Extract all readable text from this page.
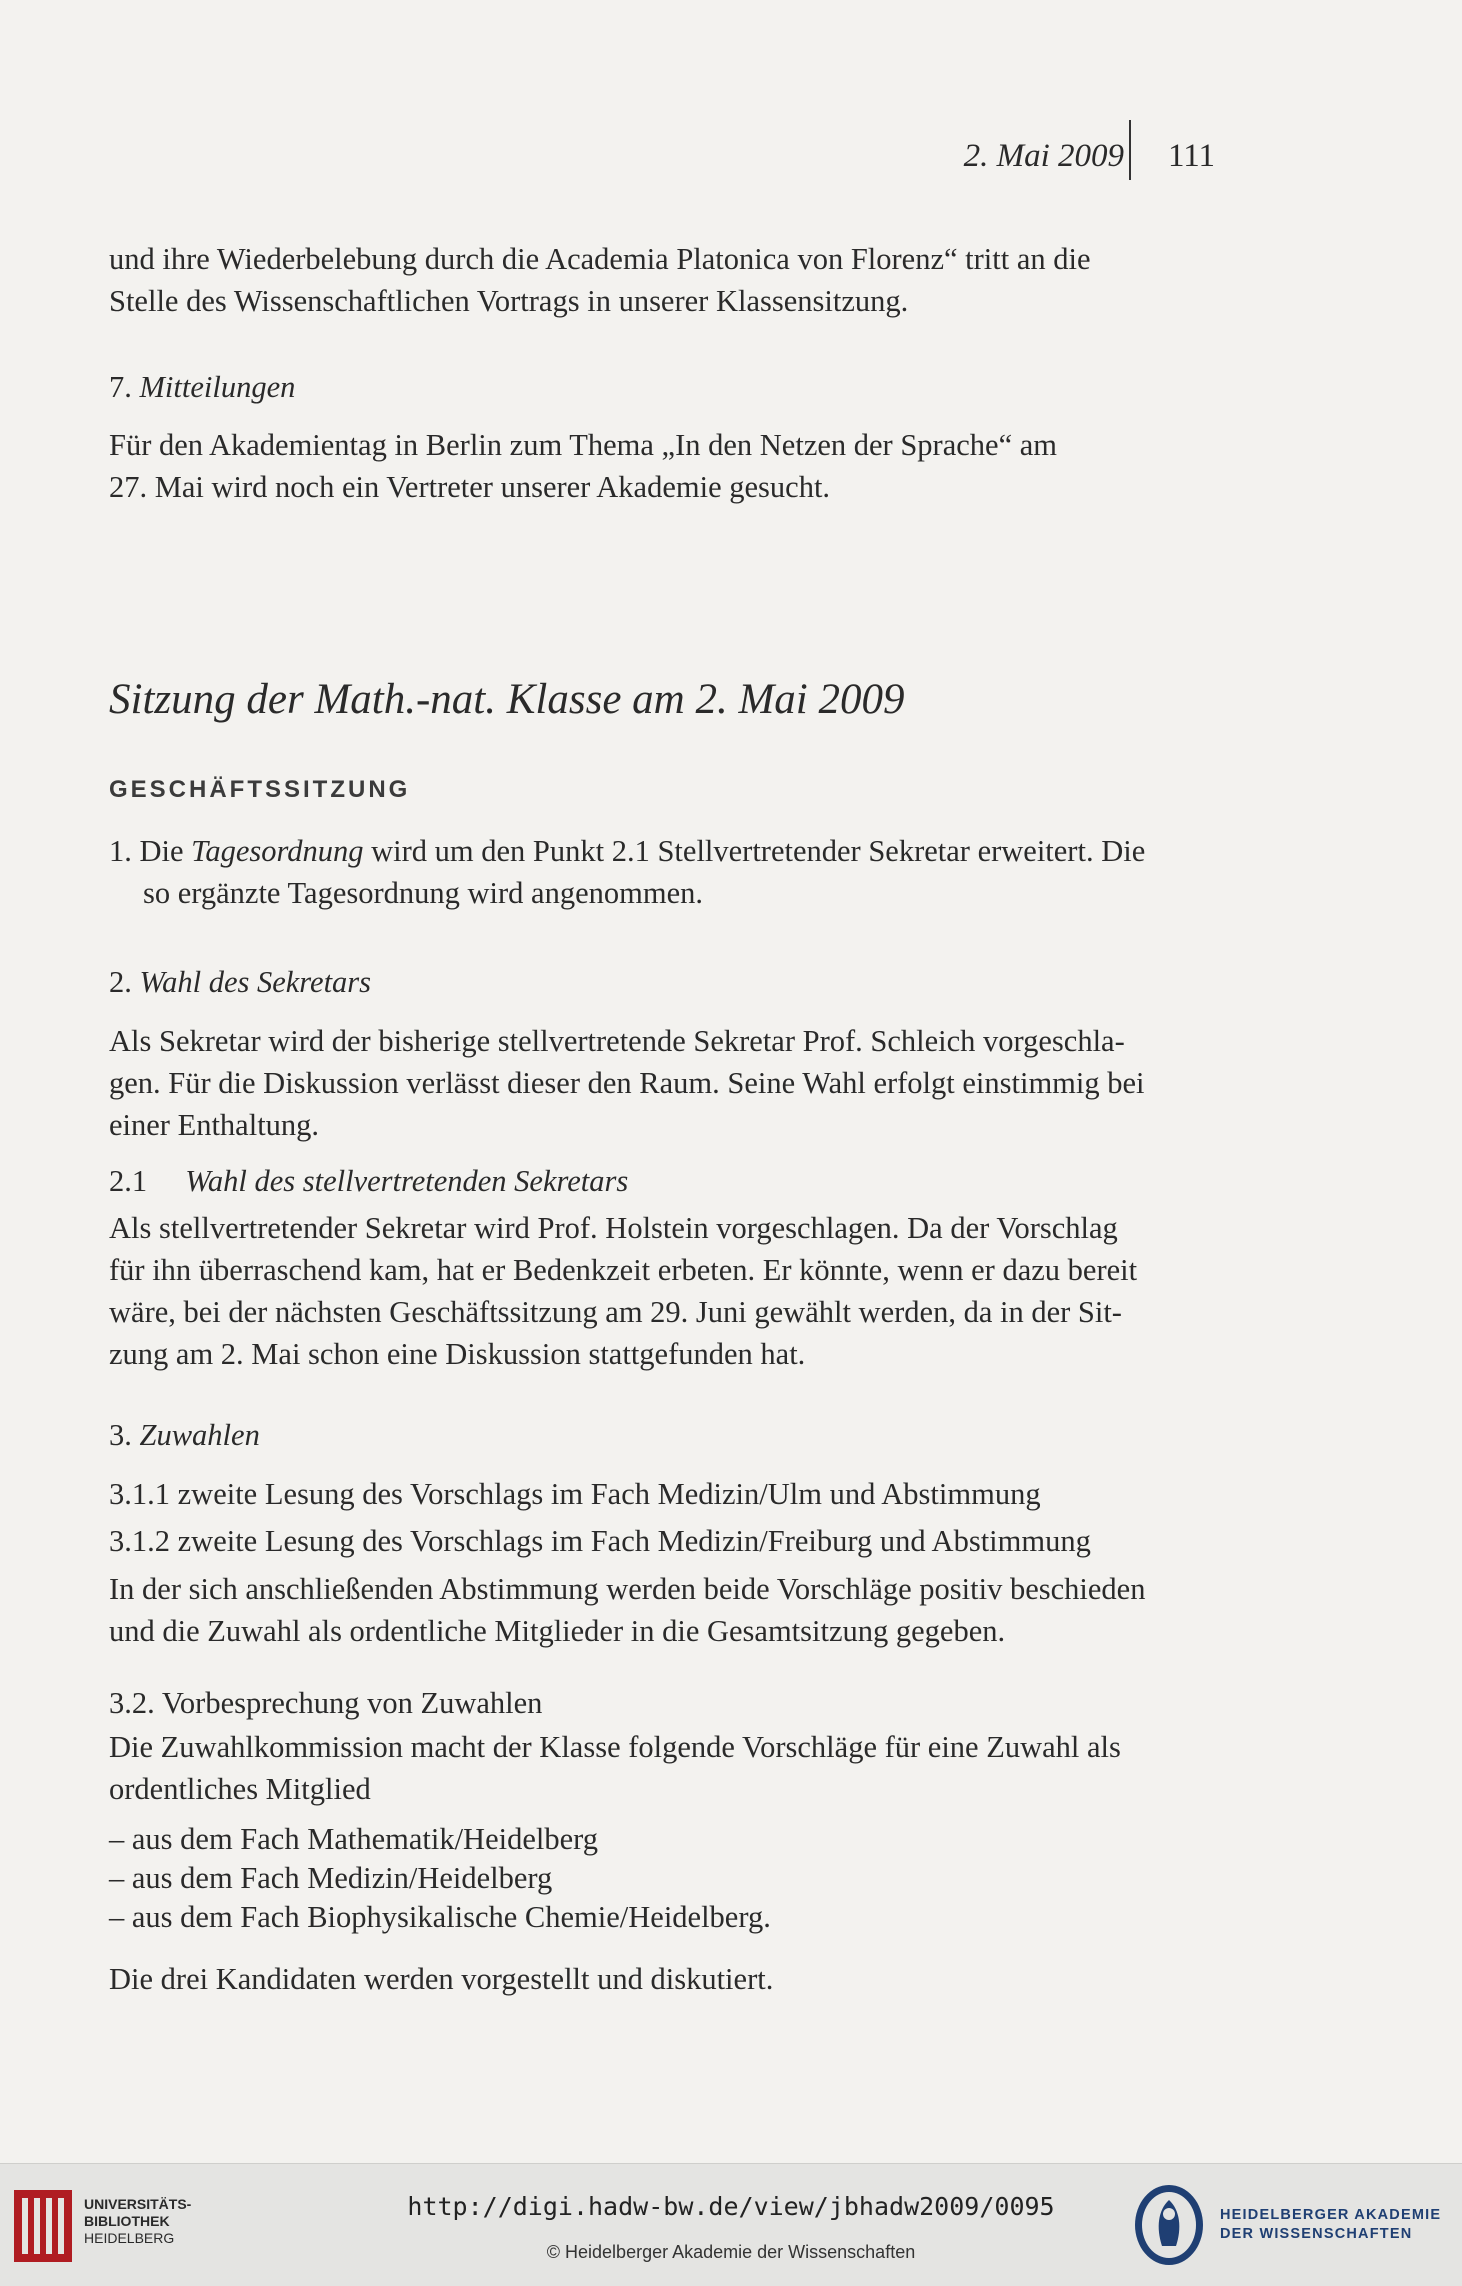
2. Mai 2009 111

und ihre Wiederbelebung durch die Academia Platonica von Florenz“ tritt an die

Stelle des Wissenschaftlichen Vortrags in unserer Klassensitzung.

7. Mitteilungen

Für den Akademientag in Berlin zum Thema „In den Netzen der Sprache“ am

27. Mai wird noch ein Vertreter unserer Akademie gesucht.

Sitzung der Math.-nat. Klasse am 2. Mai 2009
GESCHÄFTSSITZUNG

1. Die Tagesordnung wird um den Punkt 2.1 Stellvertretender Sekretar erweitert. Die

so ergänzte Tagesordnung wird angenommen.

2. Wahl des Sekretars

Als Sekretar wird der bisherige stellvertretende Sekretar Prof. Schleich vorgeschla-

gen. Für die Diskussion verlässt dieser den Raum. Seine Wahl erfolgt einstimmig bei

einer Enthaltung.

2.1 Wahl des stellvertretenden Sekretars

Als stellvertretender Sekretar wird Prof. Holstein vorgeschlagen. Da der Vorschlag

für ihn überraschend kam, hat er Bedenkzeit erbeten. Er könnte, wenn er dazu bereit

wäre, bei der nächsten Geschäftssitzung am 29. Juni gewählt werden, da in der Sit-

zung am 2. Mai schon eine Diskussion stattgefunden hat.

3. Zuwahlen
3.1.1 zweite Lesung des Vorschlags im Fach Medizin/Ulm und Abstimmung
3.1.2 zweite Lesung des Vorschlags im Fach Medizin/Freiburg und Abstimmung

In der sich anschließenden Abstimmung werden beide Vorschläge positiv beschieden

und die Zuwahl als ordentliche Mitglieder in die Gesamtsitzung gegeben.

3.2. Vorbesprechung von Zuwahlen

Die Zuwahlkommission macht der Klasse folgende Vorschläge für eine Zuwahl als

ordentliches Mitglied

– aus dem Fach Mathematik/Heidelberg
– aus dem Fach Medizin/Heidelberg
– aus dem Fach Biophysikalische Chemie/Heidelberg.
Die drei Kandidaten werden vorgestellt und diskutiert.
UNIVERSITÄTS-
BIBLIOTHEK
HEIDELBERG
http://digi.hadw-bw.de/view/jbhadw2009/0095
© Heidelberger Akademie der Wissenschaften
HEIDELBERGER AKADEMIE
DER WISSENSCHAFTEN
